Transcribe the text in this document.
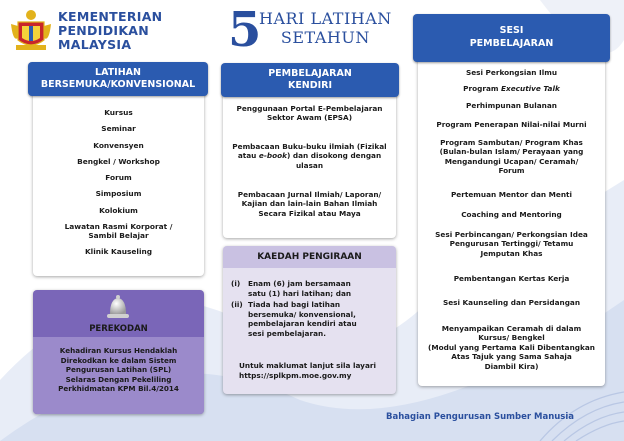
KEMENTERIAN
PENDIDIKAN
MALAYSIA	5
HARI LATIHAN
SETAHUN
Kursus
Seminar
Konvensyen
Bengkel / Workshop
Forum
Simposium
Kolokium
Lawatan Rasmi Korporat /
Sambil Belajar
Klinik Kauseling
LATIHAN
BERSEMUKA/KONVENSIONAL
PEREKODAN
Kehadiran Kursus Hendaklah
Direkodkan ke dalam Sistem
Pengurusan Latihan (SPL)
Selaras Dengan Pekeliling
Perkhidmatan KPM Bil.4/2014
Penggunaan Portal E-Pembelajaran
Sektor Awam (EPSA)
Pembacaan Buku-buku ilmiah (Fizikal
atau e-book) dan disokong dengan
ulasan
Pembacaan Jurnal Ilmiah/ Laporan/
Kajian dan lain-lain Bahan Ilmiah
Secara Fizikal atau Maya
PEMBELAJARAN
KENDIRI
KAEDAH PENGIRAAN
(i) Enam (6) jam bersamaan
satu (1) hari latihan; dan
(ii) Tiada had bagi latihan
bersemuka/ konvensional,
pembelajaran kendiri atau
sesi pembelajaran.
Untuk maklumat lanjut sila layari
https://splkpm.moe.gov.my
Sesi Perkongsian Ilmu
Program Executive Talk
Perhimpunan Bulanan
Program Penerapan Nilai-nilai Murni
Program Sambutan/ Program Khas
(Bulan-bulan Islam/ Perayaan yang
Mengandungi Ucapan/ Ceramah/
Forum
Pertemuan Mentor dan Menti
Coaching and Mentoring
Sesi Perbincangan/ Perkongsian Idea
Pengurusan Tertinggi/ Tetamu
Jemputan Khas
Pembentangan Kertas Kerja
Sesi Kaunseling dan Persidangan
Menyampaikan Ceramah di dalam
Kursus/ Bengkel
(Modul yang Pertama Kali Dibentangkan
Atas Tajuk yang Sama Sahaja
Diambil Kira)
SESI
PEMBELAJARAN
Bahagian Pengurusan Sumber Manusia
